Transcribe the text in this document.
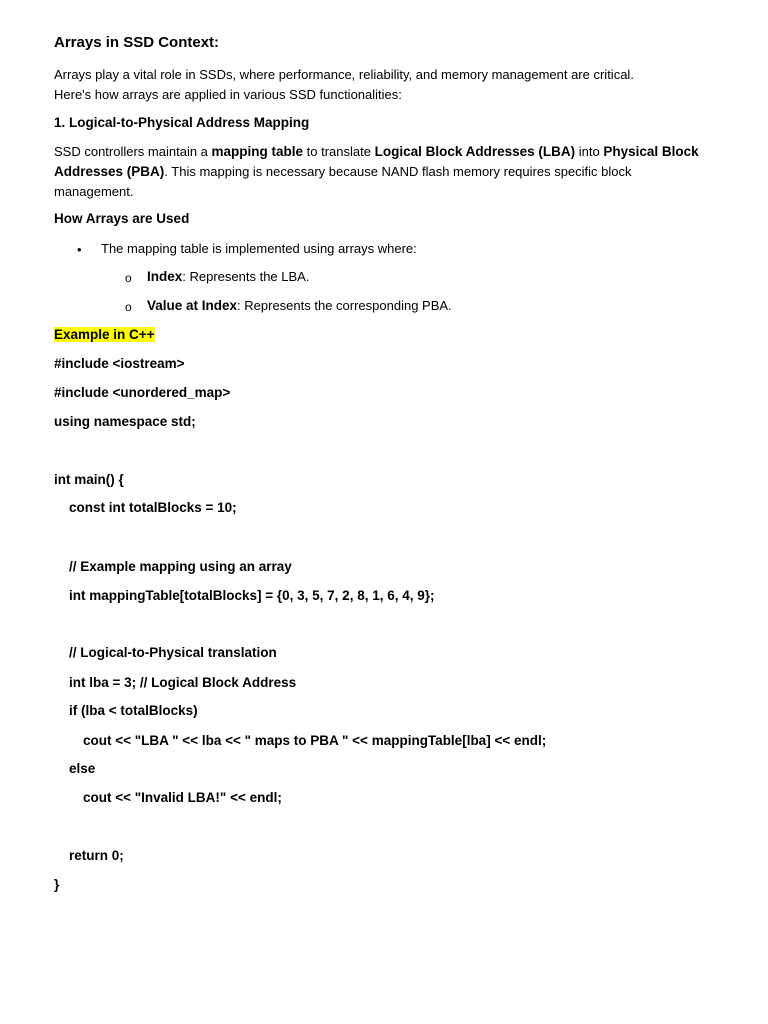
Arrays in SSD Context:
Arrays play a vital role in SSDs, where performance, reliability, and memory management are critical.
Here's how arrays are applied in various SSD functionalities:
1. Logical-to-Physical Address Mapping
SSD controllers maintain a mapping table to translate Logical Block Addresses (LBA) into Physical Block Addresses (PBA). This mapping is necessary because NAND flash memory requires specific block management.
How Arrays are Used
• The mapping table is implemented using arrays where:
o Index: Represents the LBA.
o Value at Index: Represents the corresponding PBA.
Example in C++
#include <iostream>
#include <unordered_map>
using namespace std;
int main() {
const int totalBlocks = 10;
// Example mapping using an array
int mappingTable[totalBlocks] = {0, 3, 5, 7, 2, 8, 1, 6, 4, 9};
// Logical-to-Physical translation
int lba = 3; // Logical Block Address
if (lba < totalBlocks)
cout << "LBA " << lba << " maps to PBA " << mappingTable[lba] << endl;
else
cout << "Invalid LBA!" << endl;
return 0;
}
